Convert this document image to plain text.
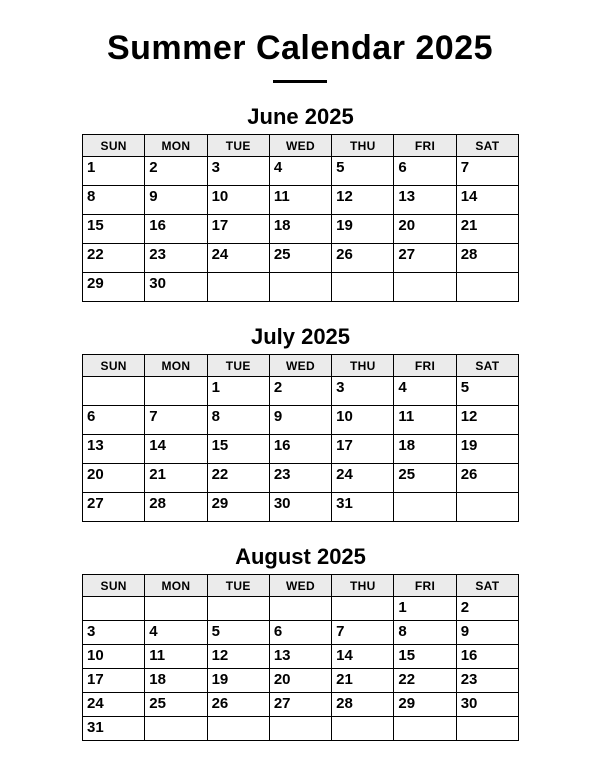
Summer Calendar 2025
June 2025
SUN	MON	TUE	WED	THU	FRI	SAT

1	2	3	4	5	6	7

8	9	10	11	12	13	14

15	16	17	18	19	20	21

22	23	24	25	26	27	28

29	30					

July 2025
SUN	MON	TUE	WED	THU	FRI	SAT

		1	2	3	4	5

6	7	8	9	10	11	12

13	14	15	16	17	18	19

20	21	22	23	24	25	26

27	28	29	30	31		

August 2025
SUN	MON	TUE	WED	THU	FRI	SAT

					1	2

3	4	5	6	7	8	9

10	11	12	13	14	15	16

17	18	19	20	21	22	23

24	25	26	27	28	29	30

31						
